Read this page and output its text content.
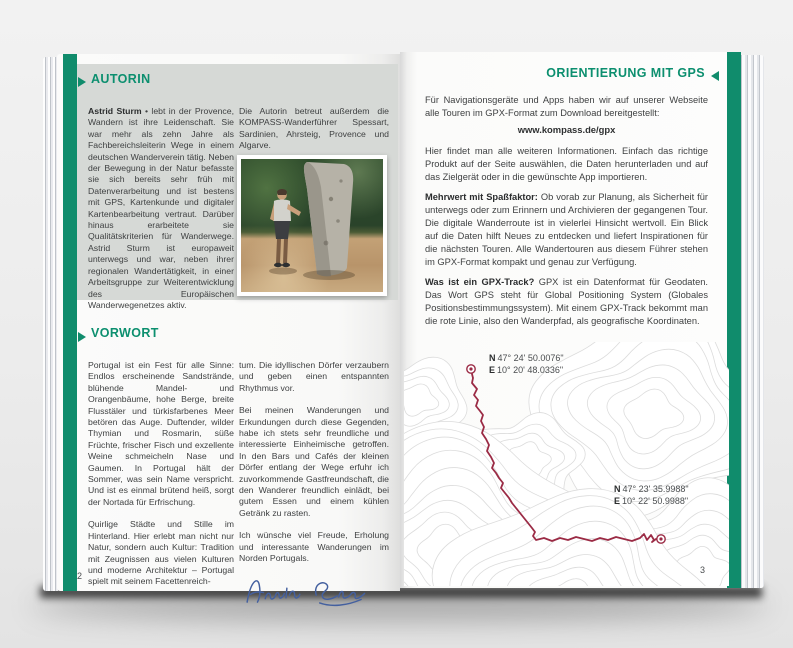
AUTORIN

Astrid Sturm • lebt in der Provence, Wandern ist ihre Leidenschaft. Sie war mehr als zehn Jahre als Fachbereichsleiterin Wege in einem deutschen Wanderverein tätig. Neben der Bewegung in der Natur befasste sie sich bereits sehr früh mit Datenverarbeitung und ist bestens mit GPS, Kartenkunde und digitaler Kartenbearbeitung vertraut. Darüber hinaus erarbeitete sie Qualitätskriterien für Wanderwege. Astrid Sturm ist europaweit unterwegs und war, neben ihrer regionalen Wandertätigkeit, in einer Arbeitsgruppe zur Weiterentwicklung des Europäischen Wanderwegenetzes aktiv.

Die Autorin betreut außerdem die KOMPASS-Wanderführer Spessart, Sardinien, Ahrsteig, Provence und Algarve.

VORWORT

Portugal ist ein Fest für alle Sinne: Endlos erscheinende Sandstrände, blühende Mandel- und Orangenbäume, hohe Berge, breite Flusstäler und türkisfarbenes Meer betören das Auge. Duftender, wilder Thymian und Rosmarin, süße Früchte, frischer Fisch und exzellente Weine schmeicheln Nase und Gaumen. In Portugal hält der Sommer, was sein Name verspricht. Und ist es einmal brütend heiß, sorgt der Nortada für Erfrischung.

Quirlige Städte und Stille im Hinterland. Hier erlebt man nicht nur Natur, sondern auch Kultur: Tradition mit Zeugnissen aus vielen Kulturen und moderne Architektur – Portugal spielt mit seinem Facettenreich-

tum. Die idyllischen Dörfer verzaubern und geben einen entspannten Rhythmus vor.

Bei meinen Wanderungen und Erkundungen durch diese Gegenden, habe ich stets sehr freundliche und interessierte Einheimische getroffen. In den Bars und Cafés der kleinen Dörfer entlang der Wege erfuhr ich zuvorkommende Gastfreundschaft, die den Wanderer freundlich einlädt, bei gutem Essen und einem kühlen Getränk zu rasten.

Ich wünsche viel Freude, Erholung und interessante Wanderungen im Norden Portugals.

2
ORIENTIERUNG MIT GPS
Für Navigationsgeräte und Apps haben wir auf unserer Webseite alle Touren im GPX-Format zum Download bereitgestellt:
www.kompass.de/gpx
Hier findet man alle weiteren Informationen. Einfach das richtige Produkt auf der Seite auswählen, die Daten herunterladen und auf das Zielgerät oder in die gewünschte App importieren.
Mehrwert mit Spaßfaktor: Ob vorab zur Planung, als Sicherheit für unterwegs oder zum Erinnern und Archivieren der gegangenen Tour. Die digitale Wanderroute ist in vielerlei Hinsicht wertvoll. Ein Blick auf die Daten hilft Neues zu entdecken und liefert Inspirationen für die nächsten Touren. Alle Wandertouren aus diesem Führer stehen im GPX-Format kompakt und genau zur Verfügung.
Was ist ein GPX-Track? GPX ist ein Datenformat für Geodaten. Das Wort GPS steht für Global Positioning System (Globales Positionsbestimmungssystem). Mit einem GPX-Track bekommt man die rote Linie, also den Wanderpfad, als geografische Koordinaten.
N 47° 24' 50.0076"
E 10° 20' 48.0336"
N 47° 23' 35.9988"
E 10° 22' 50.9988"
3
